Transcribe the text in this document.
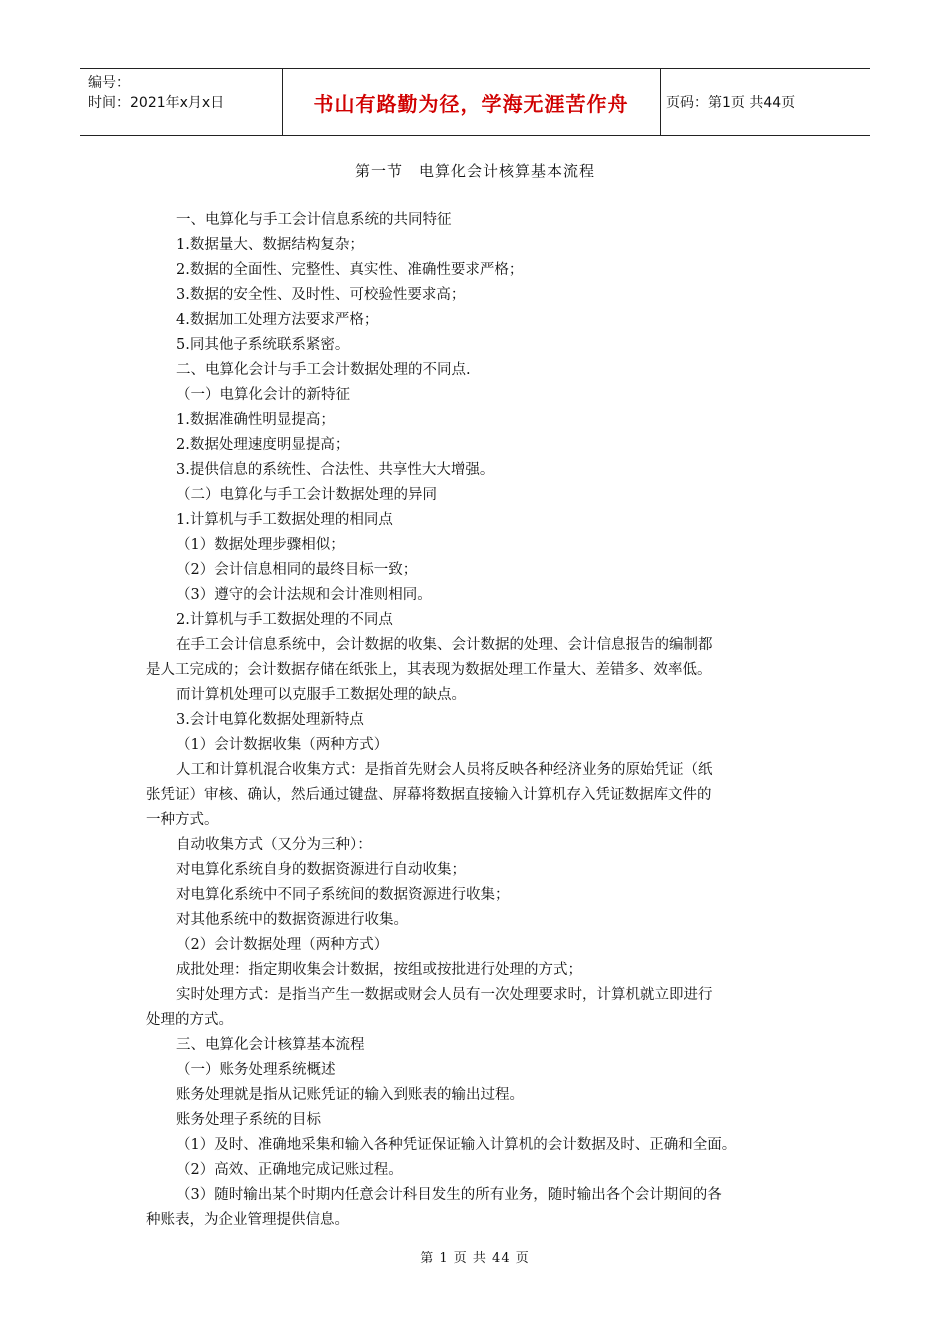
编号：
时间：2021年x月x日	书山有路勤为径，学海无涯苦作舟	页码：第1页 共44页
第一节　电算化会计核算基本流程

一、电算化与手工会计信息系统的共同特征

1.数据量大、数据结构复杂；

2.数据的全面性、完整性、真实性、准确性要求严格；

3.数据的安全性、及时性、可校验性要求高；

4.数据加工处理方法要求严格；

5.同其他子系统联系紧密。

二、电算化会计与手工会计数据处理的不同点.

（一）电算化会计的新特征

1.数据准确性明显提高；

2.数据处理速度明显提高；

3.提供信息的系统性、合法性、共享性大大增强。

（二）电算化与手工会计数据处理的异同

1.计算机与手工数据处理的相同点

（1）数据处理步骤相似；

（2）会计信息相同的最终目标一致；

（3）遵守的会计法规和会计准则相同。

2.计算机与手工数据处理的不同点

在手工会计信息系统中，会计数据的收集、会计数据的处理、会计信息报告的编制都

是人工完成的；会计数据存储在纸张上，其表现为数据处理工作量大、差错多、效率低。

而计算机处理可以克服手工数据处理的缺点。

3.会计电算化数据处理新特点

（1）会计数据收集（两种方式）

人工和计算机混合收集方式：是指首先财会人员将反映各种经济业务的原始凭证（纸

张凭证）审核、确认，然后通过键盘、屏幕将数据直接输入计算机存入凭证数据库文件的

一种方式。

自动收集方式（又分为三种）：

对电算化系统自身的数据资源进行自动收集；

对电算化系统中不同子系统间的数据资源进行收集；

对其他系统中的数据资源进行收集。

（2）会计数据处理（两种方式）

成批处理：指定期收集会计数据，按组或按批进行处理的方式；

实时处理方式：是指当产生一数据或财会人员有一次处理要求时，计算机就立即进行

处理的方式。

三、电算化会计核算基本流程

（一）账务处理系统概述

账务处理就是指从记账凭证的输入到账表的输出过程。

账务处理子系统的目标

（1）及时、准确地采集和输入各种凭证保证输入计算机的会计数据及时、正确和全面。

（2）高效、正确地完成记账过程。

（3）随时输出某个时期内任意会计科目发生的所有业务，随时输出各个会计期间的各

种账表，为企业管理提供信息。

第 1 页 共 44 页
